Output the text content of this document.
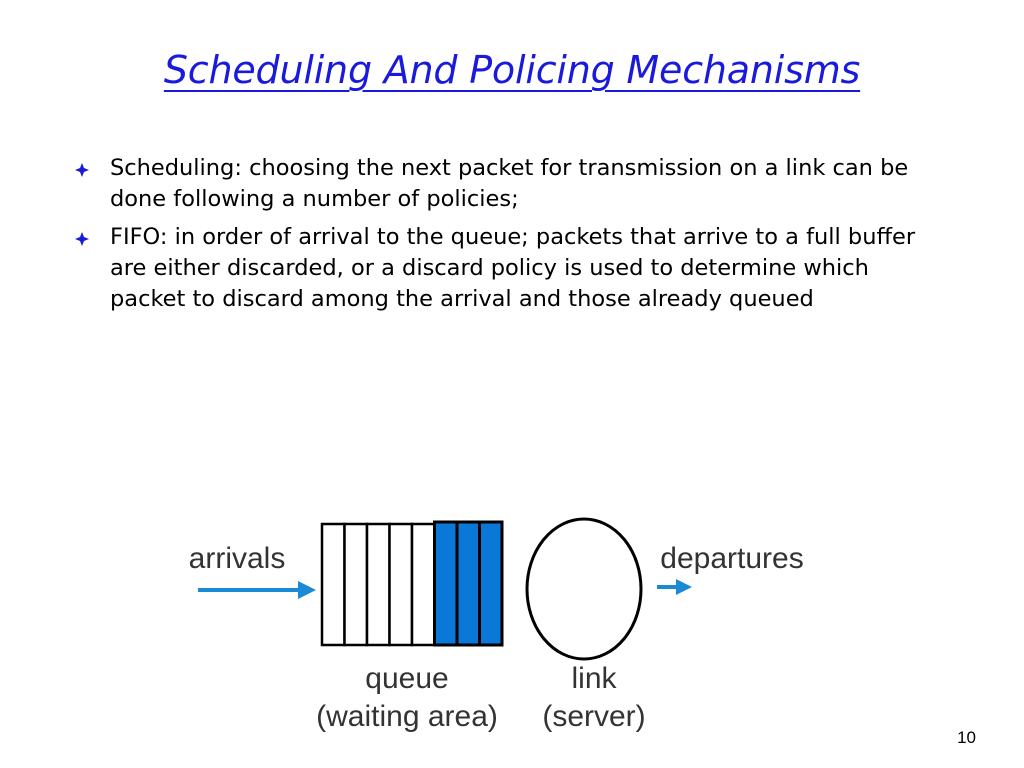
Scheduling And Policing Mechanisms
Scheduling: choosing the next packet for transmission on a link can be done following a number of policies;
FIFO: in order of arrival to the queue; packets that arrive to a full buffer are either discarded, or a discard policy is used to determine which packet to discard among the arrival and those already queued
arrivals	departures
queue
(waiting area)
link
(server)
10
